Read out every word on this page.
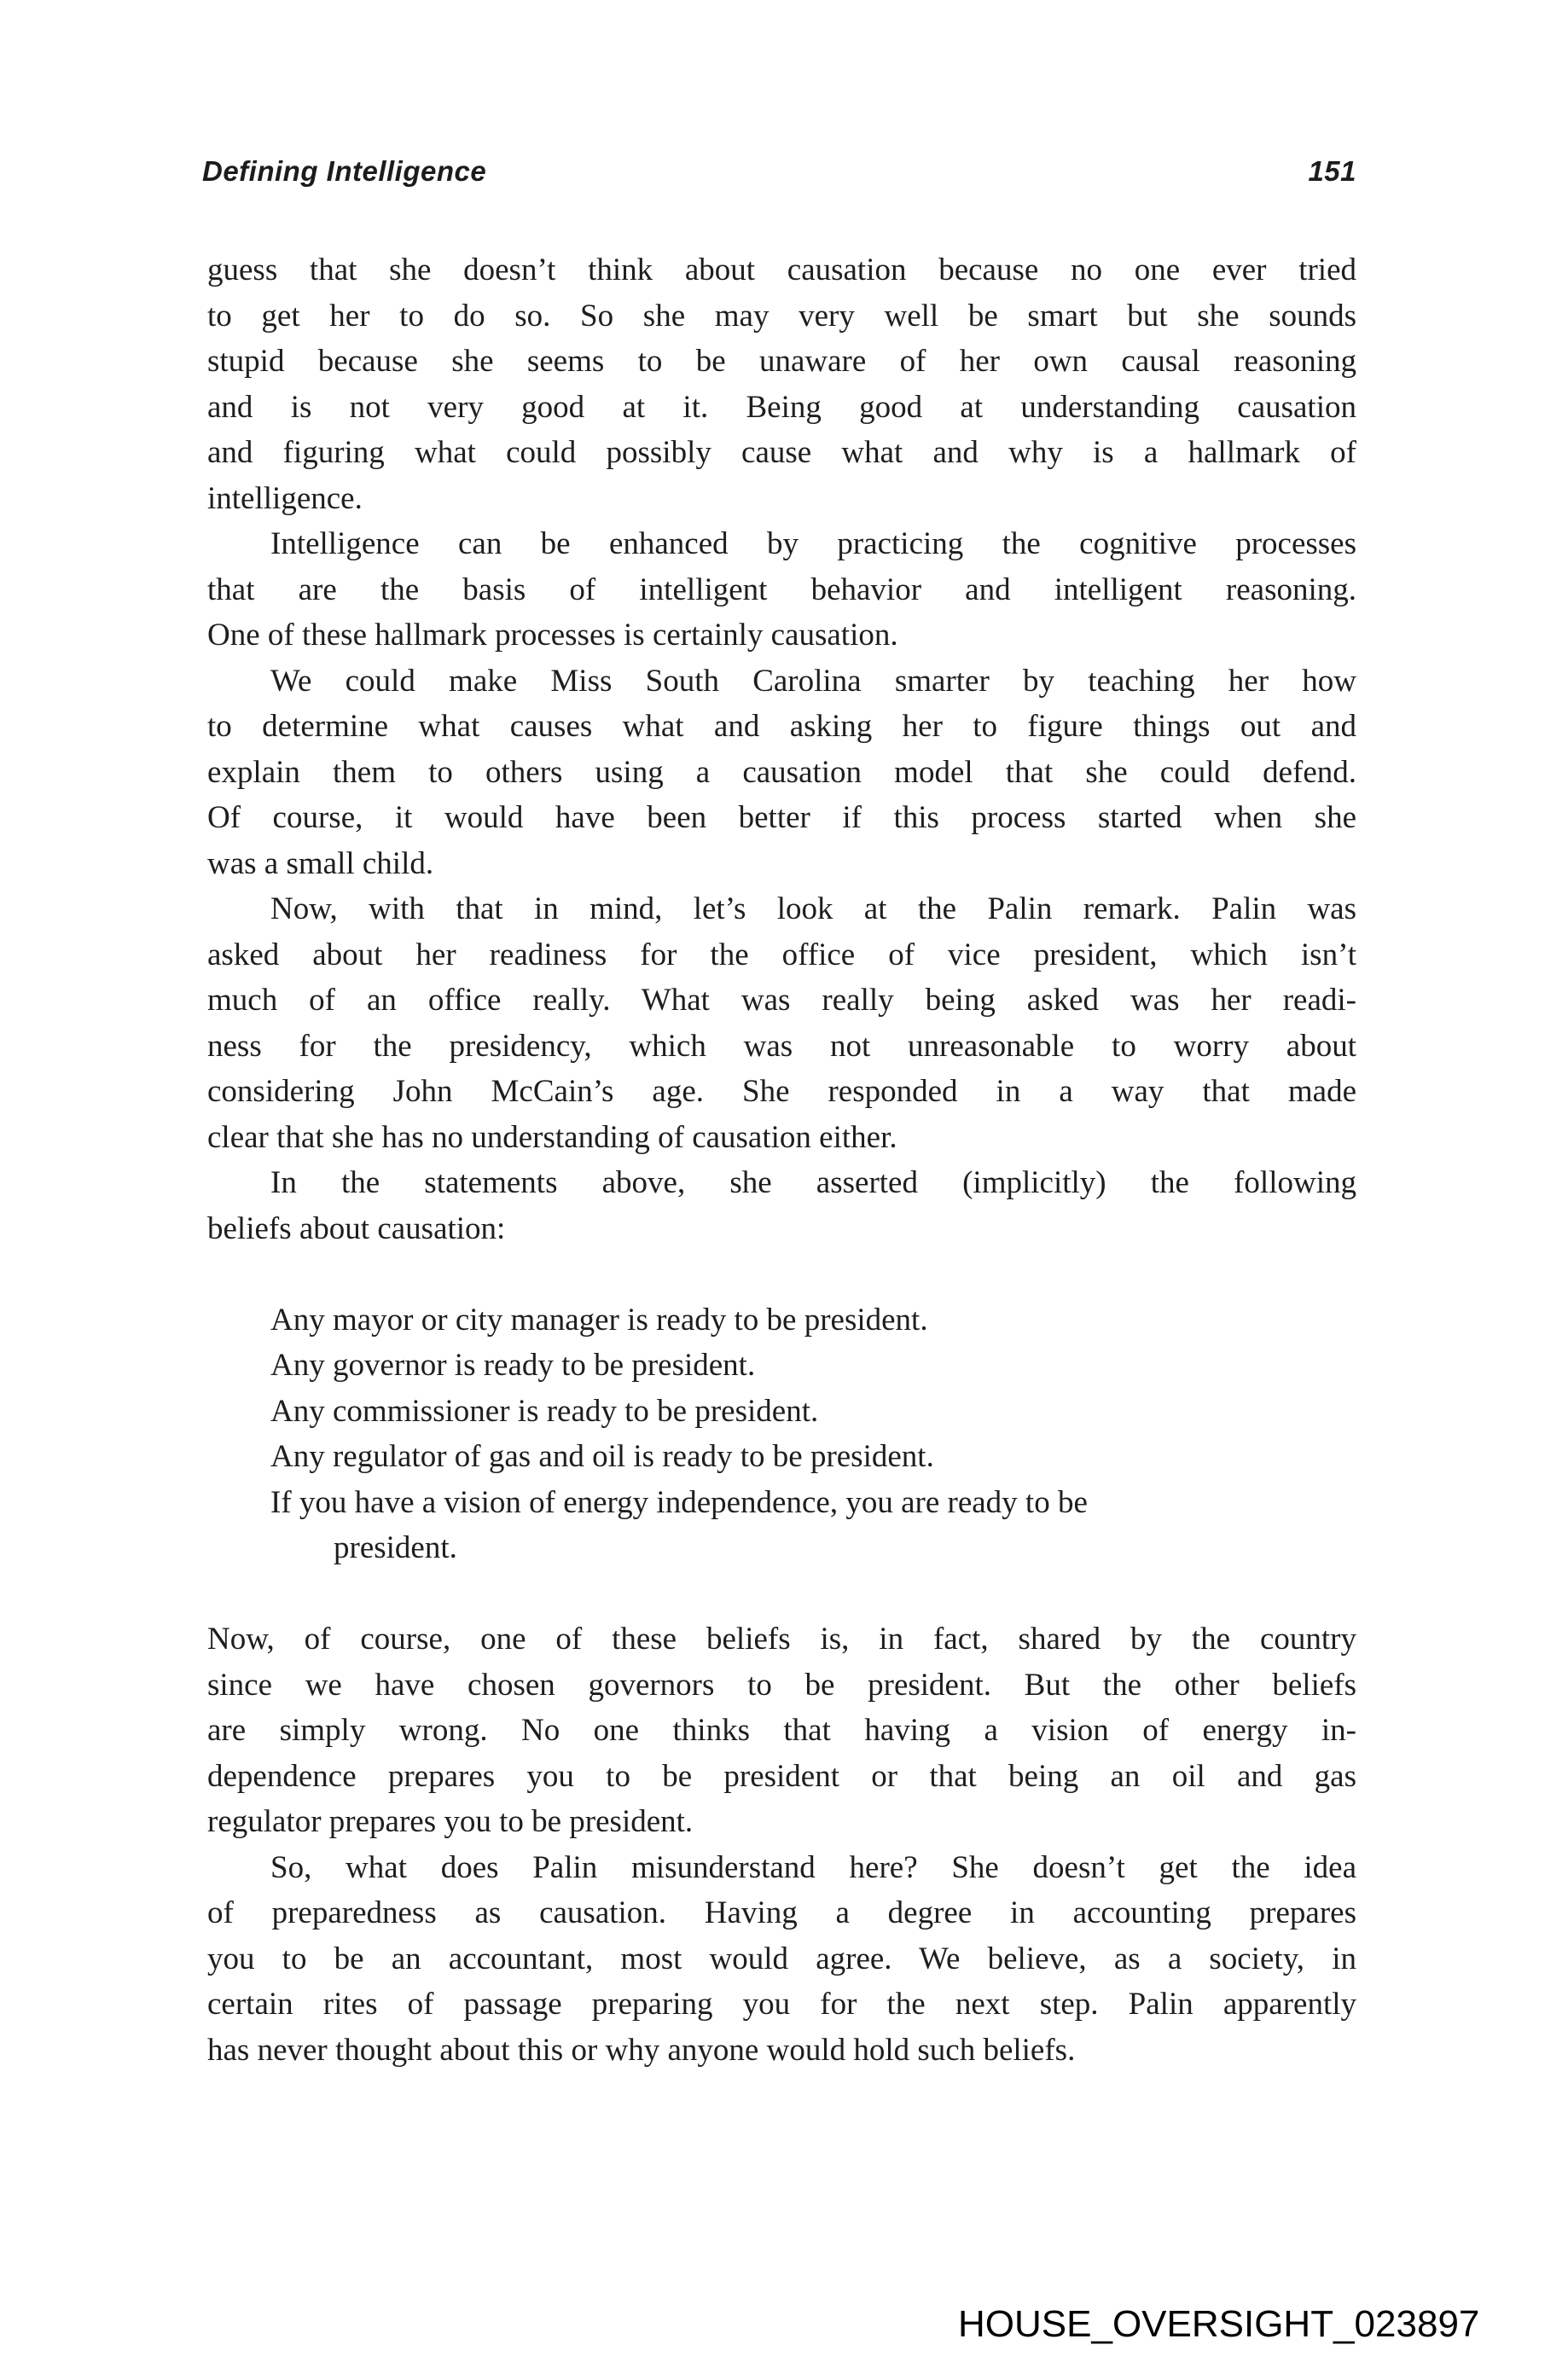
Defining Intelligence	151
guess that she doesn’t think about causation because no one ever tried
to get her to do so. So she may very well be smart but she sounds
stupid because she seems to be unaware of her own causal reasoning
and is not very good at it. Being good at understanding causation
and figuring what could possibly cause what and why is a hallmark of
intelligence.
Intelligence can be enhanced by practicing the cognitive processes
that are the basis of intelligent behavior and intelligent reasoning.
One of these hallmark processes is certainly causation.
We could make Miss South Carolina smarter by teaching her how
to determine what causes what and asking her to figure things out and
explain them to others using a causation model that she could defend.
Of course, it would have been better if this process started when she
was a small child.
Now, with that in mind, let’s look at the Palin remark. Palin was
asked about her readiness for the office of vice president, which isn’t
much of an office really. What was really being asked was her readi-
ness for the presidency, which was not unreasonable to worry about
considering John McCain’s age. She responded in a way that made
clear that she has no understanding of causation either.
In the statements above, she asserted (implicitly) the following
beliefs about causation:
Any mayor or city manager is ready to be president.
Any governor is ready to be president.
Any commissioner is ready to be president.
Any regulator of gas and oil is ready to be president.
If you have a vision of energy independence, you are ready to be
president.
Now, of course, one of these beliefs is, in fact, shared by the country
since we have chosen governors to be president. But the other beliefs
are simply wrong. No one thinks that having a vision of energy in-
dependence prepares you to be president or that being an oil and gas
regulator prepares you to be president.
So, what does Palin misunderstand here? She doesn’t get the idea
of preparedness as causation. Having a degree in accounting prepares
you to be an accountant, most would agree. We believe, as a society, in
certain rites of passage preparing you for the next step. Palin apparently
has never thought about this or why anyone would hold such beliefs.
HOUSE_OVERSIGHT_023897
